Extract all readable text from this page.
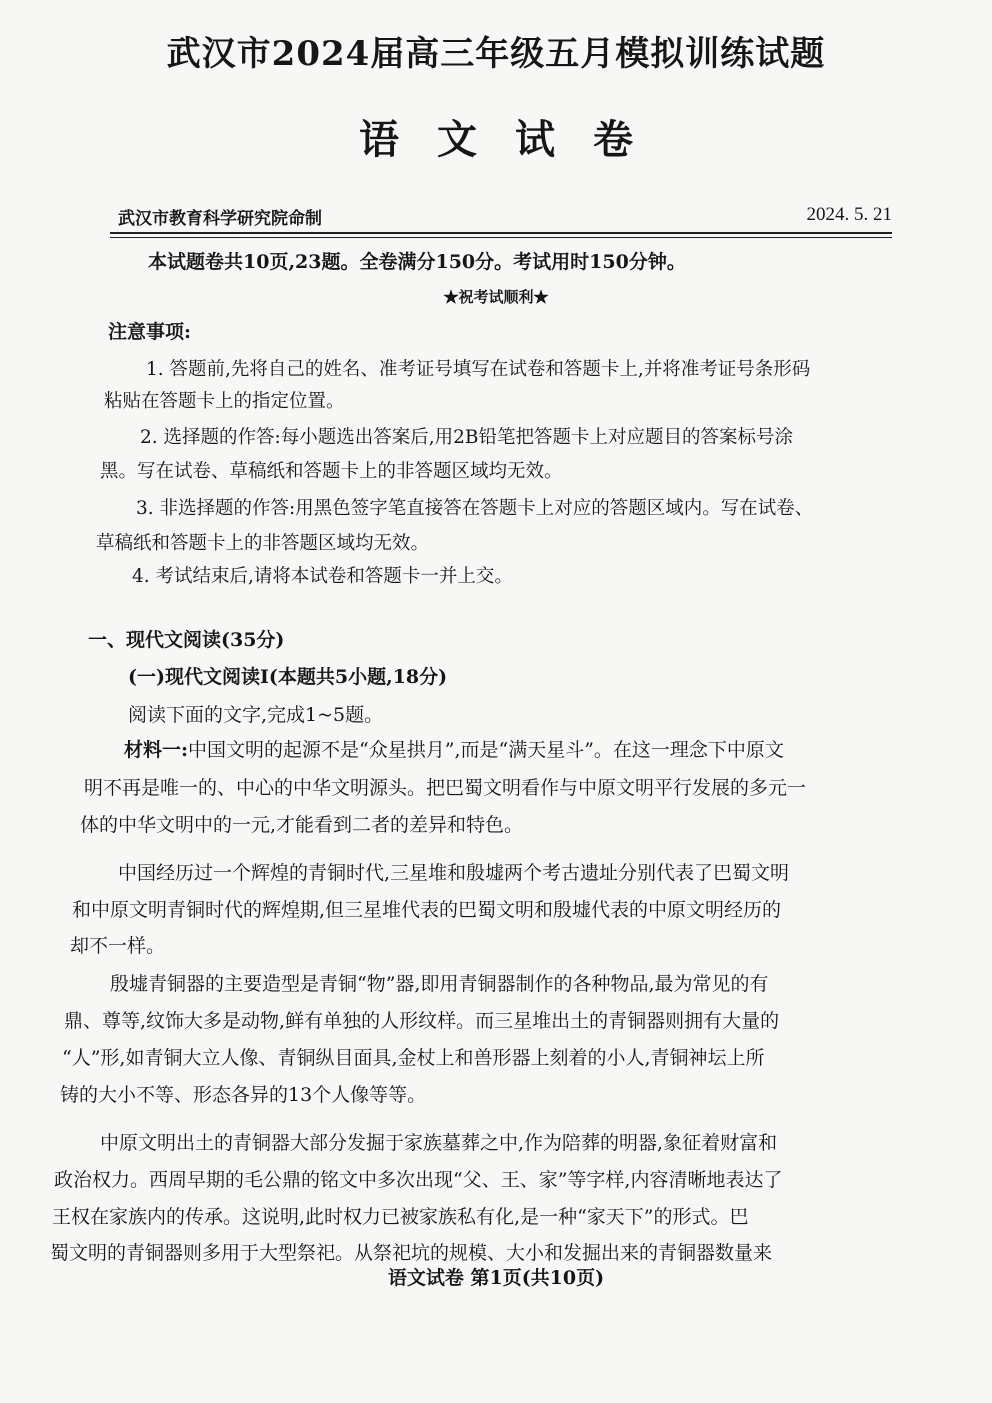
武汉市2024届高三年级五月模拟训练试题
语文试卷
武汉市教育科学研究院命制	2024. 5. 21
本试题卷共10页,23题。全卷满分150分。考试用时150分钟。
★祝考试顺利★
注意事项:
1. 答题前,先将自己的姓名、准考证号填写在试卷和答题卡上,并将准考证号条形码
粘贴在答题卡上的指定位置。
2. 选择题的作答:每小题选出答案后,用2B铅笔把答题卡上对应题目的答案标号涂
黑。写在试卷、草稿纸和答题卡上的非答题区域均无效。
3. 非选择题的作答:用黑色签字笔直接答在答题卡上对应的答题区域内。写在试卷、
草稿纸和答题卡上的非答题区域均无效。
4. 考试结束后,请将本试卷和答题卡一并上交。
一、现代文阅读(35分)
(一)现代文阅读Ⅰ(本题共5小题,18分)
阅读下面的文字,完成1~5题。
材料一:中国文明的起源不是“众星拱月”,而是“满天星斗”。在这一理念下中原文
明不再是唯一的、中心的中华文明源头。把巴蜀文明看作与中原文明平行发展的多元一
体的中华文明中的一元,才能看到二者的差异和特色。
中国经历过一个辉煌的青铜时代,三星堆和殷墟两个考古遗址分别代表了巴蜀文明
和中原文明青铜时代的辉煌期,但三星堆代表的巴蜀文明和殷墟代表的中原文明经历的
却不一样。
殷墟青铜器的主要造型是青铜“物”器,即用青铜器制作的各种物品,最为常见的有
鼎、尊等,纹饰大多是动物,鲜有单独的人形纹样。而三星堆出土的青铜器则拥有大量的
“人”形,如青铜大立人像、青铜纵目面具,金杖上和兽形器上刻着的小人,青铜神坛上所
铸的大小不等、形态各异的13个人像等等。
中原文明出土的青铜器大部分发掘于家族墓葬之中,作为陪葬的明器,象征着财富和
政治权力。西周早期的毛公鼎的铭文中多次出现“父、王、家”等字样,内容清晰地表达了
王权在家族内的传承。这说明,此时权力已被家族私有化,是一种“家天下”的形式。巴
蜀文明的青铜器则多用于大型祭祀。从祭祀坑的规模、大小和发掘出来的青铜器数量来
语文试卷 第1页(共10页)
